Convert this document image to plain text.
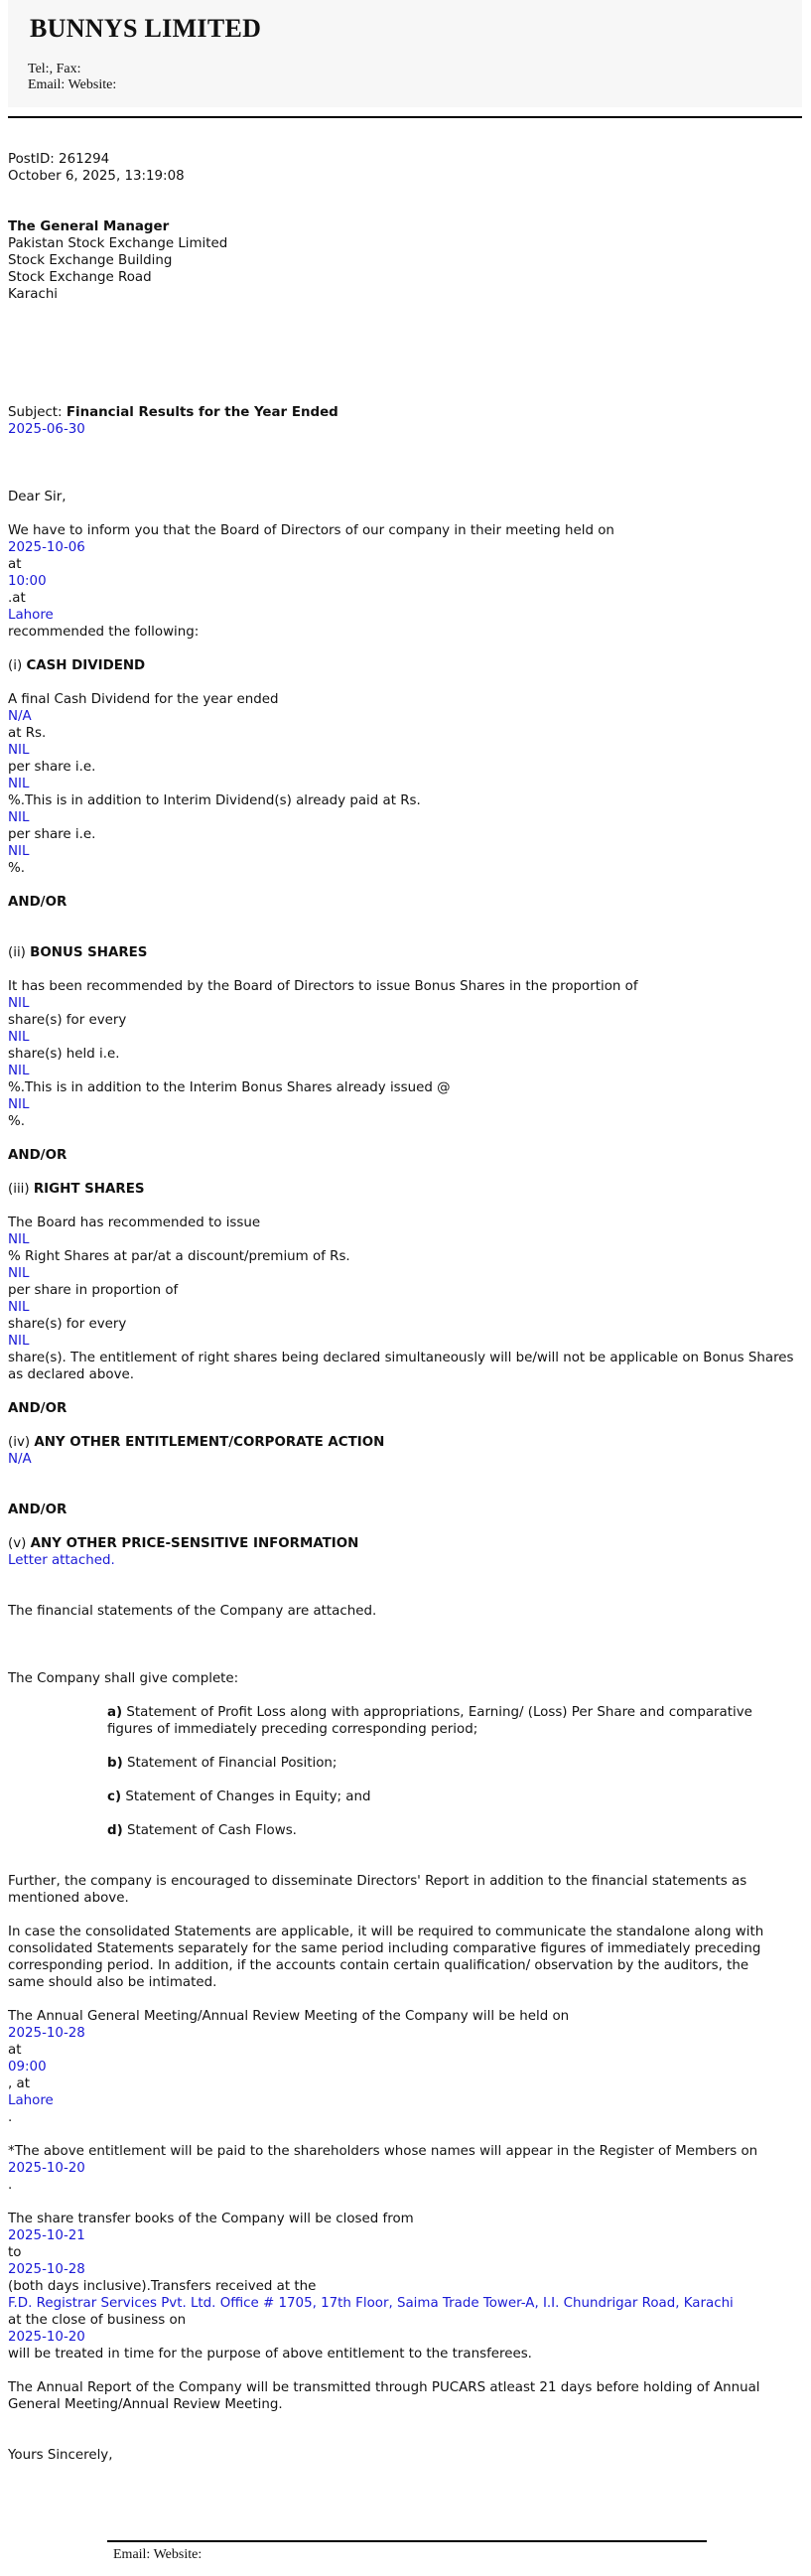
BUNNYS LIMITED
Tel:, Fax:
Email: Website:
PostID: 261294
October 6, 2025, 13:19:08
The General Manager
Pakistan Stock Exchange Limited
Stock Exchange Building
Stock Exchange Road
Karachi

Subject: Financial Results for the Year Ended

2025-06-30
Dear Sir,
We have to inform you that the Board of Directors of our company in their meeting held on
2025-10-06
at
10:00
.at
Lahore
recommended the following:

(i) CASH DIVIDEND

A final Cash Dividend for the year ended
N/A
at Rs.
NIL
per share i.e.
NIL
%.This is in addition to Interim Dividend(s) already paid at Rs.
NIL
per share i.e.
NIL
%.
AND/OR

(ii) BONUS SHARES

It has been recommended by the Board of Directors to issue Bonus Shares in the proportion of
NIL
share(s) for every
NIL
share(s) held i.e.
NIL
%.This is in addition to the Interim Bonus Shares already issued @
NIL
%.
AND/OR

(iii) RIGHT SHARES

The Board has recommended to issue
NIL
% Right Shares at par/at a discount/premium of Rs.
NIL
per share in proportion of
NIL
share(s) for every
NIL
share(s). The entitlement of right shares being declared simultaneously will be/will not be applicable on Bonus Shares as declared above.
AND/OR

(iv) ANY OTHER ENTITLEMENT/CORPORATE ACTION

N/A
AND/OR

(v) ANY OTHER PRICE-SENSITIVE INFORMATION

Letter attached.
The financial statements of the Company are attached.
The Company shall give complete:

a) Statement of Profit Loss along with appropriations, Earning/ (Loss) Per Share and comparative figures of immediately preceding corresponding period;

b) Statement of Financial Position;

c) Statement of Changes in Equity; and

d) Statement of Cash Flows.

Further, the company is encouraged to disseminate Directors' Report in addition to the financial statements as mentioned above.

In case the consolidated Statements are applicable, it will be required to communicate the standalone along with consolidated Statements separately for the same period including comparative figures of immediately preceding corresponding period. In addition, if the accounts contain certain qualification/ observation by the auditors, the same should also be intimated.

The Annual General Meeting/Annual Review Meeting of the Company will be held on
2025-10-28
at
09:00
, at
Lahore
.
*The above entitlement will be paid to the shareholders whose names will appear in the Register of Members on
2025-10-20
.
The share transfer books of the Company will be closed from
2025-10-21
to
2025-10-28
(both days inclusive).Transfers received at the
F.D. Registrar Services Pvt. Ltd. Office # 1705, 17th Floor, Saima Trade Tower-A, I.I. Chundrigar Road, Karachi
at the close of business on
2025-10-20
will be treated in time for the purpose of above entitlement to the transferees.

The Annual Report of the Company will be transmitted through PUCARS atleast 21 days before holding of Annual General Meeting/Annual Review Meeting.

Yours Sincerely,
Email: Website:
